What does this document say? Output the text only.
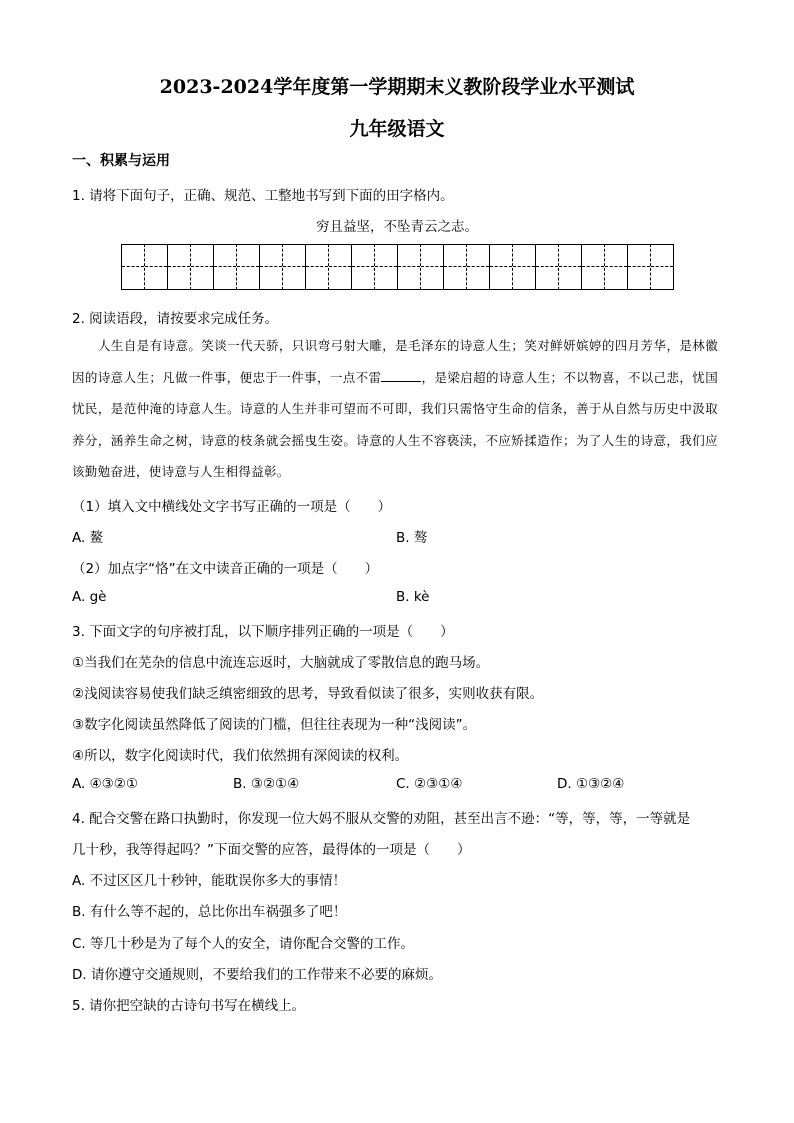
2023-2024学年度第一学期期末义教阶段学业水平测试
九年级语文
一、积累与运用
1. 请将下面句子，正确、规范、工整地书写到下面的田字格内。
穷且益坚，不坠青云之志。
2. 阅读语段，请按要求完成任务。

人生自是有诗意。笑谈一代天骄，只识弯弓射大雕，是毛泽东的诗意人生；笑对鲜妍嫔婷的四月芳华，是林徽因的诗意人生；凡做一件事，便忠于一件事，一点不雷	，是梁启超的诗意人生；不以物喜，不以己悲，忧国忧民，是范仲淹的诗意人生。诗意的人生并非可望而不可即，我们只需恪守生命的信条，善于从自然与历史中汲取养分，涵养生命之树，诗意的枝条就会摇曳生姿。诗意的人生不容亵渎，不应矫揉造作；为了人生的诗意，我们应该勤勉奋进，使诗意与人生相得益彰。

（1）填入文中横线处文字书写正确的一项是（　　）
A. 鳌	B. 骜
（2）加点字“恪”在文中读音正确的一项是（　　）
A. gè	B. kè
3. 下面文字的句序被打乱，以下顺序排列正确的一项是（　　）
①当我们在芜杂的信息中流连忘返时，大脑就成了零散信息的跑马场。
②浅阅读容易使我们缺乏缜密细致的思考，导致看似读了很多，实则收获有限。
③数字化阅读虽然降低了阅读的门槛，但往往表现为一种“浅阅读”。
④所以，数字化阅读时代，我们依然拥有深阅读的权利。
A. ④③②①	B. ③②①④	C. ②③①④	D. ①③②④
4. 配合交警在路口执勤时，你发现一位大妈不服从交警的劝阻，甚至出言不逊：“等，等，等，一等就是
几十秒，我等得起吗？”下面交警的应答，最得体的一项是（　　）
A. 不过区区几十秒钟，能耽误你多大的事情！
B. 有什么等不起的，总比你出车祸强多了吧！
C. 等几十秒是为了每个人的安全，请你配合交警的工作。
D. 请你遵守交通规则，不要给我们的工作带来不必要的麻烦。
5. 请你把空缺的古诗句书写在横线上。
